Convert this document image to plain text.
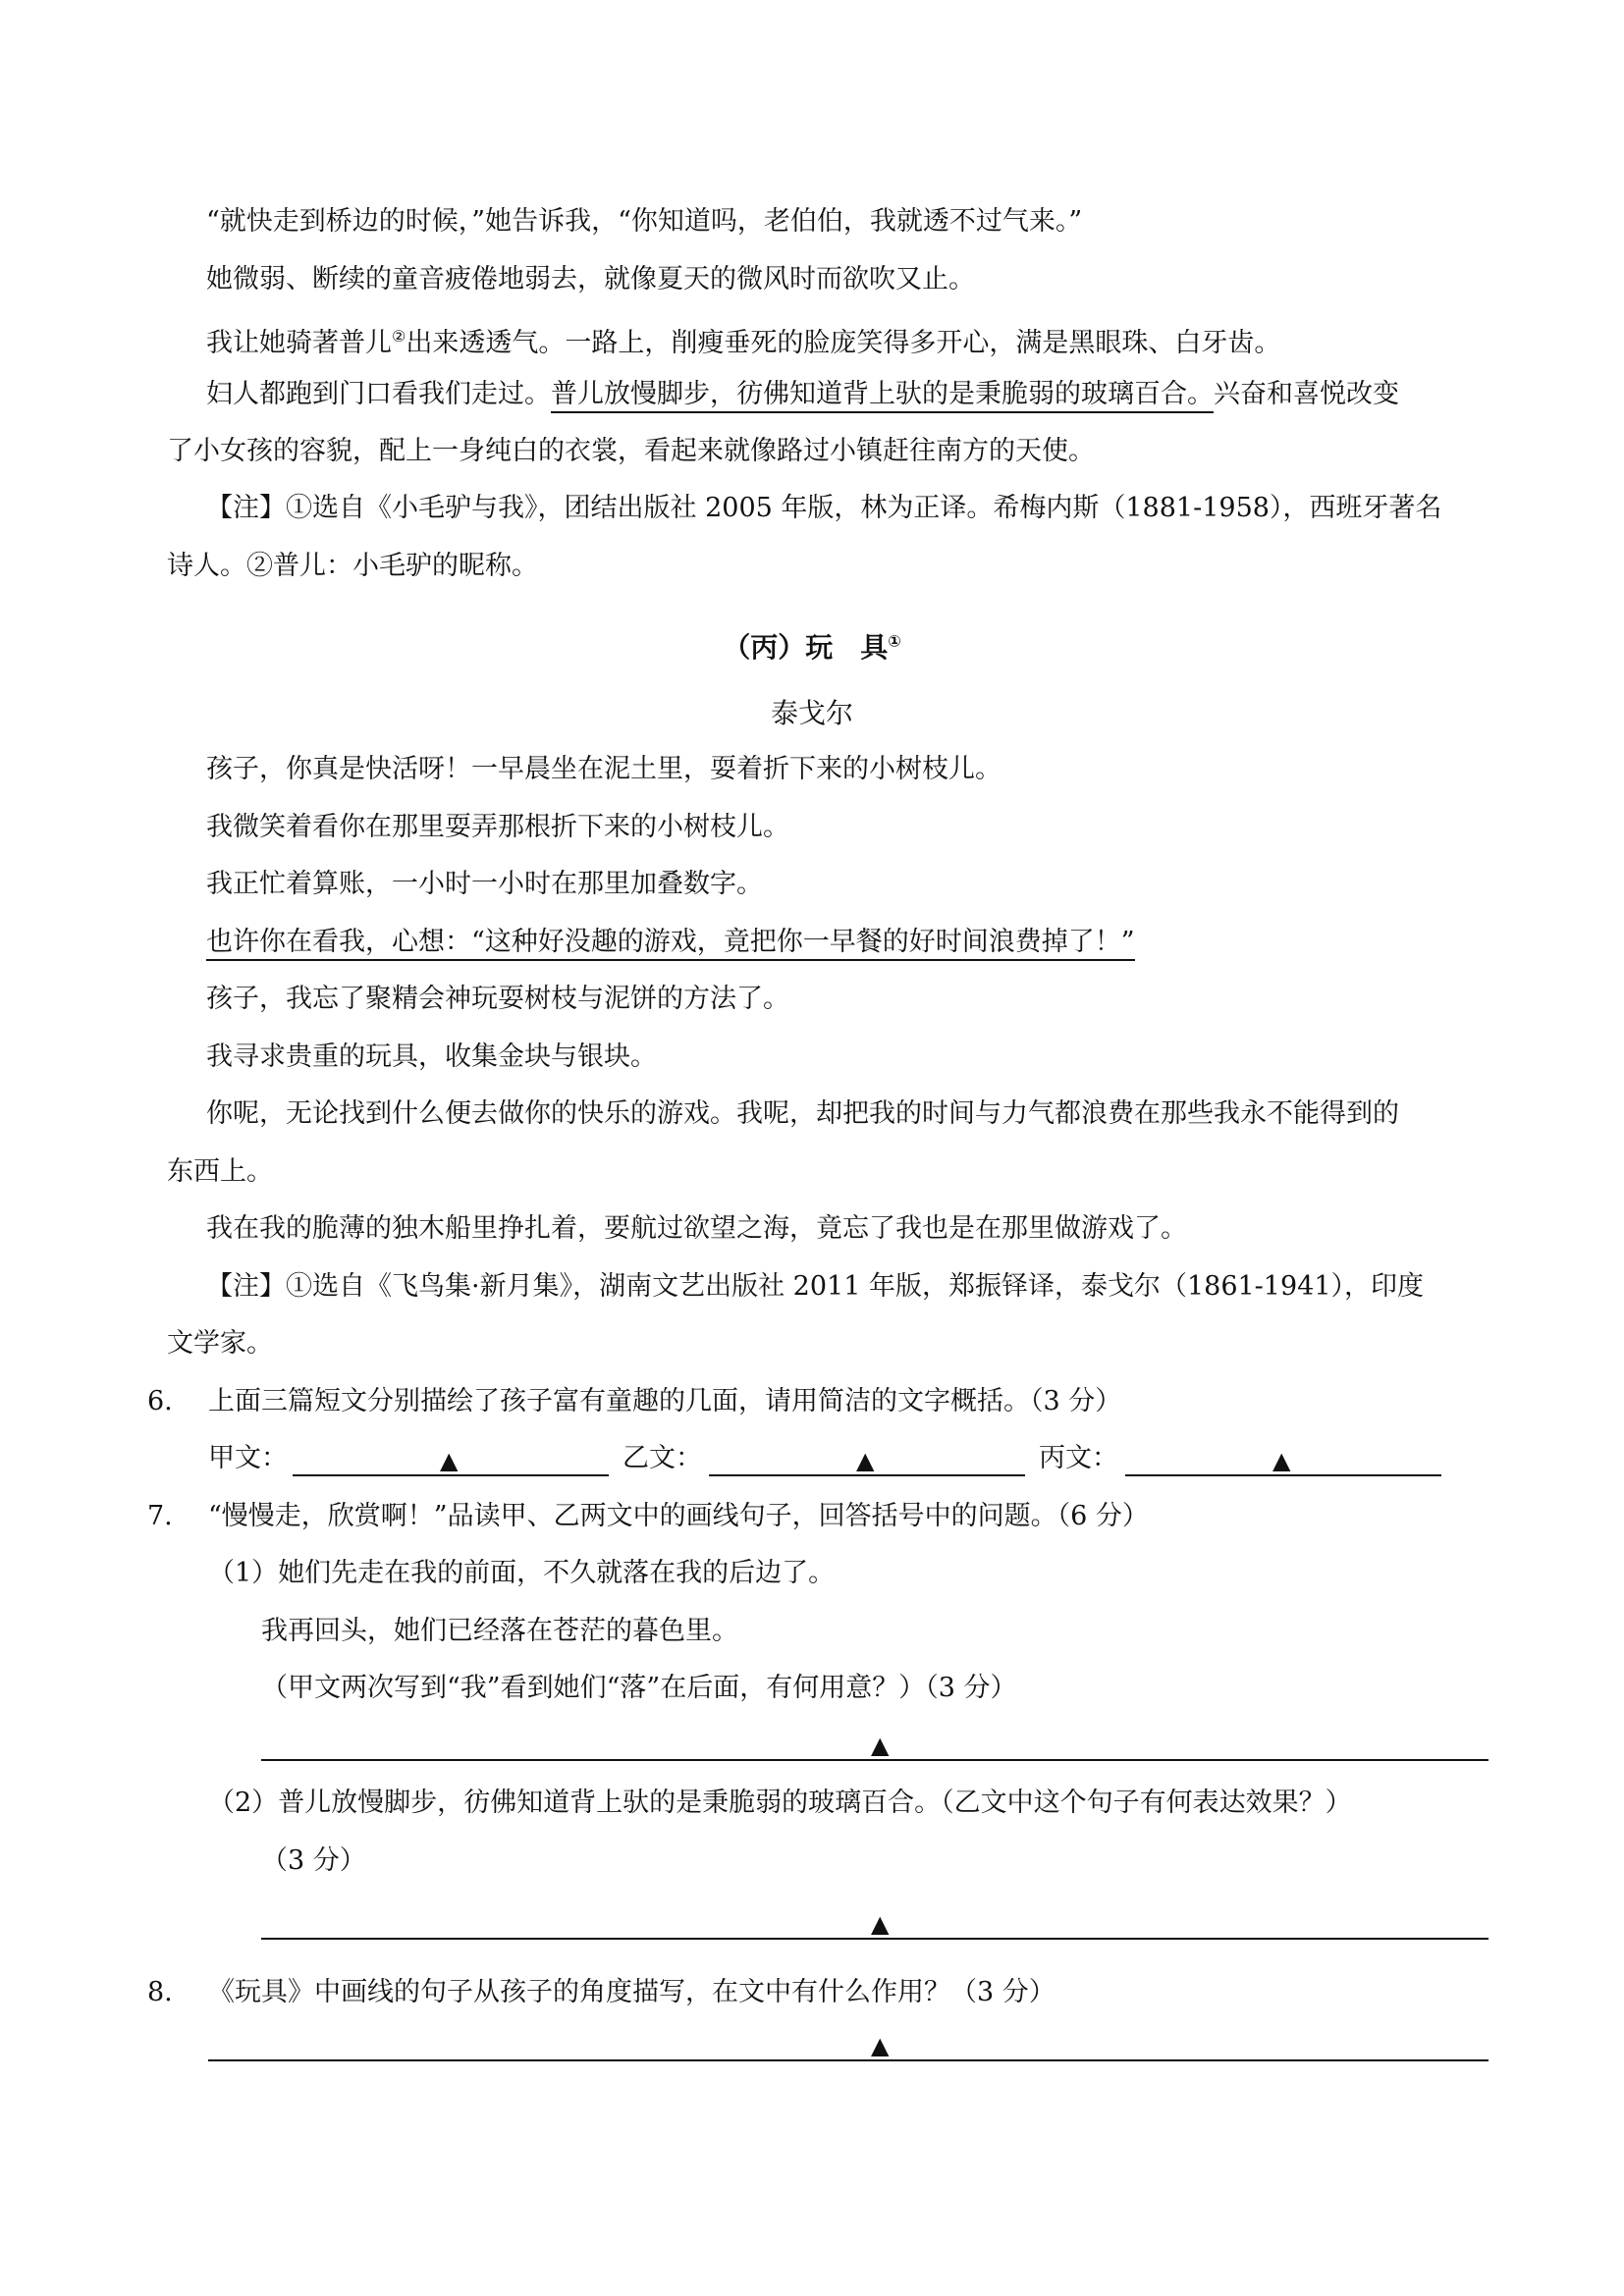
“就快走到桥边的时候，”她告诉我，“你知道吗，老伯伯，我就透不过气来。”
她微弱、断续的童音疲倦地弱去，就像夏天的微风时而欲吹又止。
我让她骑著普儿②出来透透气。一路上，削瘦垂死的脸庞笑得多开心，满是黑眼珠、白牙齿。
妇人都跑到门口看我们走过。普儿放慢脚步，彷佛知道背上驮的是秉脆弱的玻璃百合。兴奋和喜悦改变
了小女孩的容貌，配上一身纯白的衣裳，看起来就像路过小镇赶往南方的天使。
【注】①选自《小毛驴与我》，团结出版社 2005 年版，林为正译。希梅内斯（1881-1958），西班牙著名
诗人。②普儿：小毛驴的昵称。
（丙）玩　具①
泰戈尔
孩子，你真是快活呀！一早晨坐在泥土里，耍着折下来的小树枝儿。
我微笑着看你在那里耍弄那根折下来的小树枝儿。
我正忙着算账，一小时一小时在那里加叠数字。
也许你在看我，心想：“这种好没趣的游戏，竟把你一早餐的好时间浪费掉了！”
孩子，我忘了聚精会神玩耍树枝与泥饼的方法了。
我寻求贵重的玩具，收集金块与银块。
你呢，无论找到什么便去做你的快乐的游戏。我呢，却把我的时间与力气都浪费在那些我永不能得到的
东西上。
我在我的脆薄的独木船里挣扎着，要航过欲望之海，竟忘了我也是在那里做游戏了。
【注】①选自《飞鸟集·新月集》，湖南文艺出版社 2011 年版，郑振铎译，泰戈尔（1861-1941），印度
文学家。
6. 上面三篇短文分别描绘了孩子富有童趣的几面，请用简洁的文字概括。（3 分）
甲文：	▲	乙文：	▲	丙文：	▲
7. “慢慢走，欣赏啊！”品读甲、乙两文中的画线句子，回答括号中的问题。（6 分）
（1）她们先走在我的前面，不久就落在我的后边了。
我再回头，她们已经落在苍茫的暮色里。
（甲文两次写到“我”看到她们“落”在后面，有何用意？）（3 分）
▲
（2）普儿放慢脚步，彷佛知道背上驮的是秉脆弱的玻璃百合。（乙文中这个句子有何表达效果？）
（3 分）
▲
8. 《玩具》中画线的句子从孩子的角度描写，在文中有什么作用？（3 分）
▲
